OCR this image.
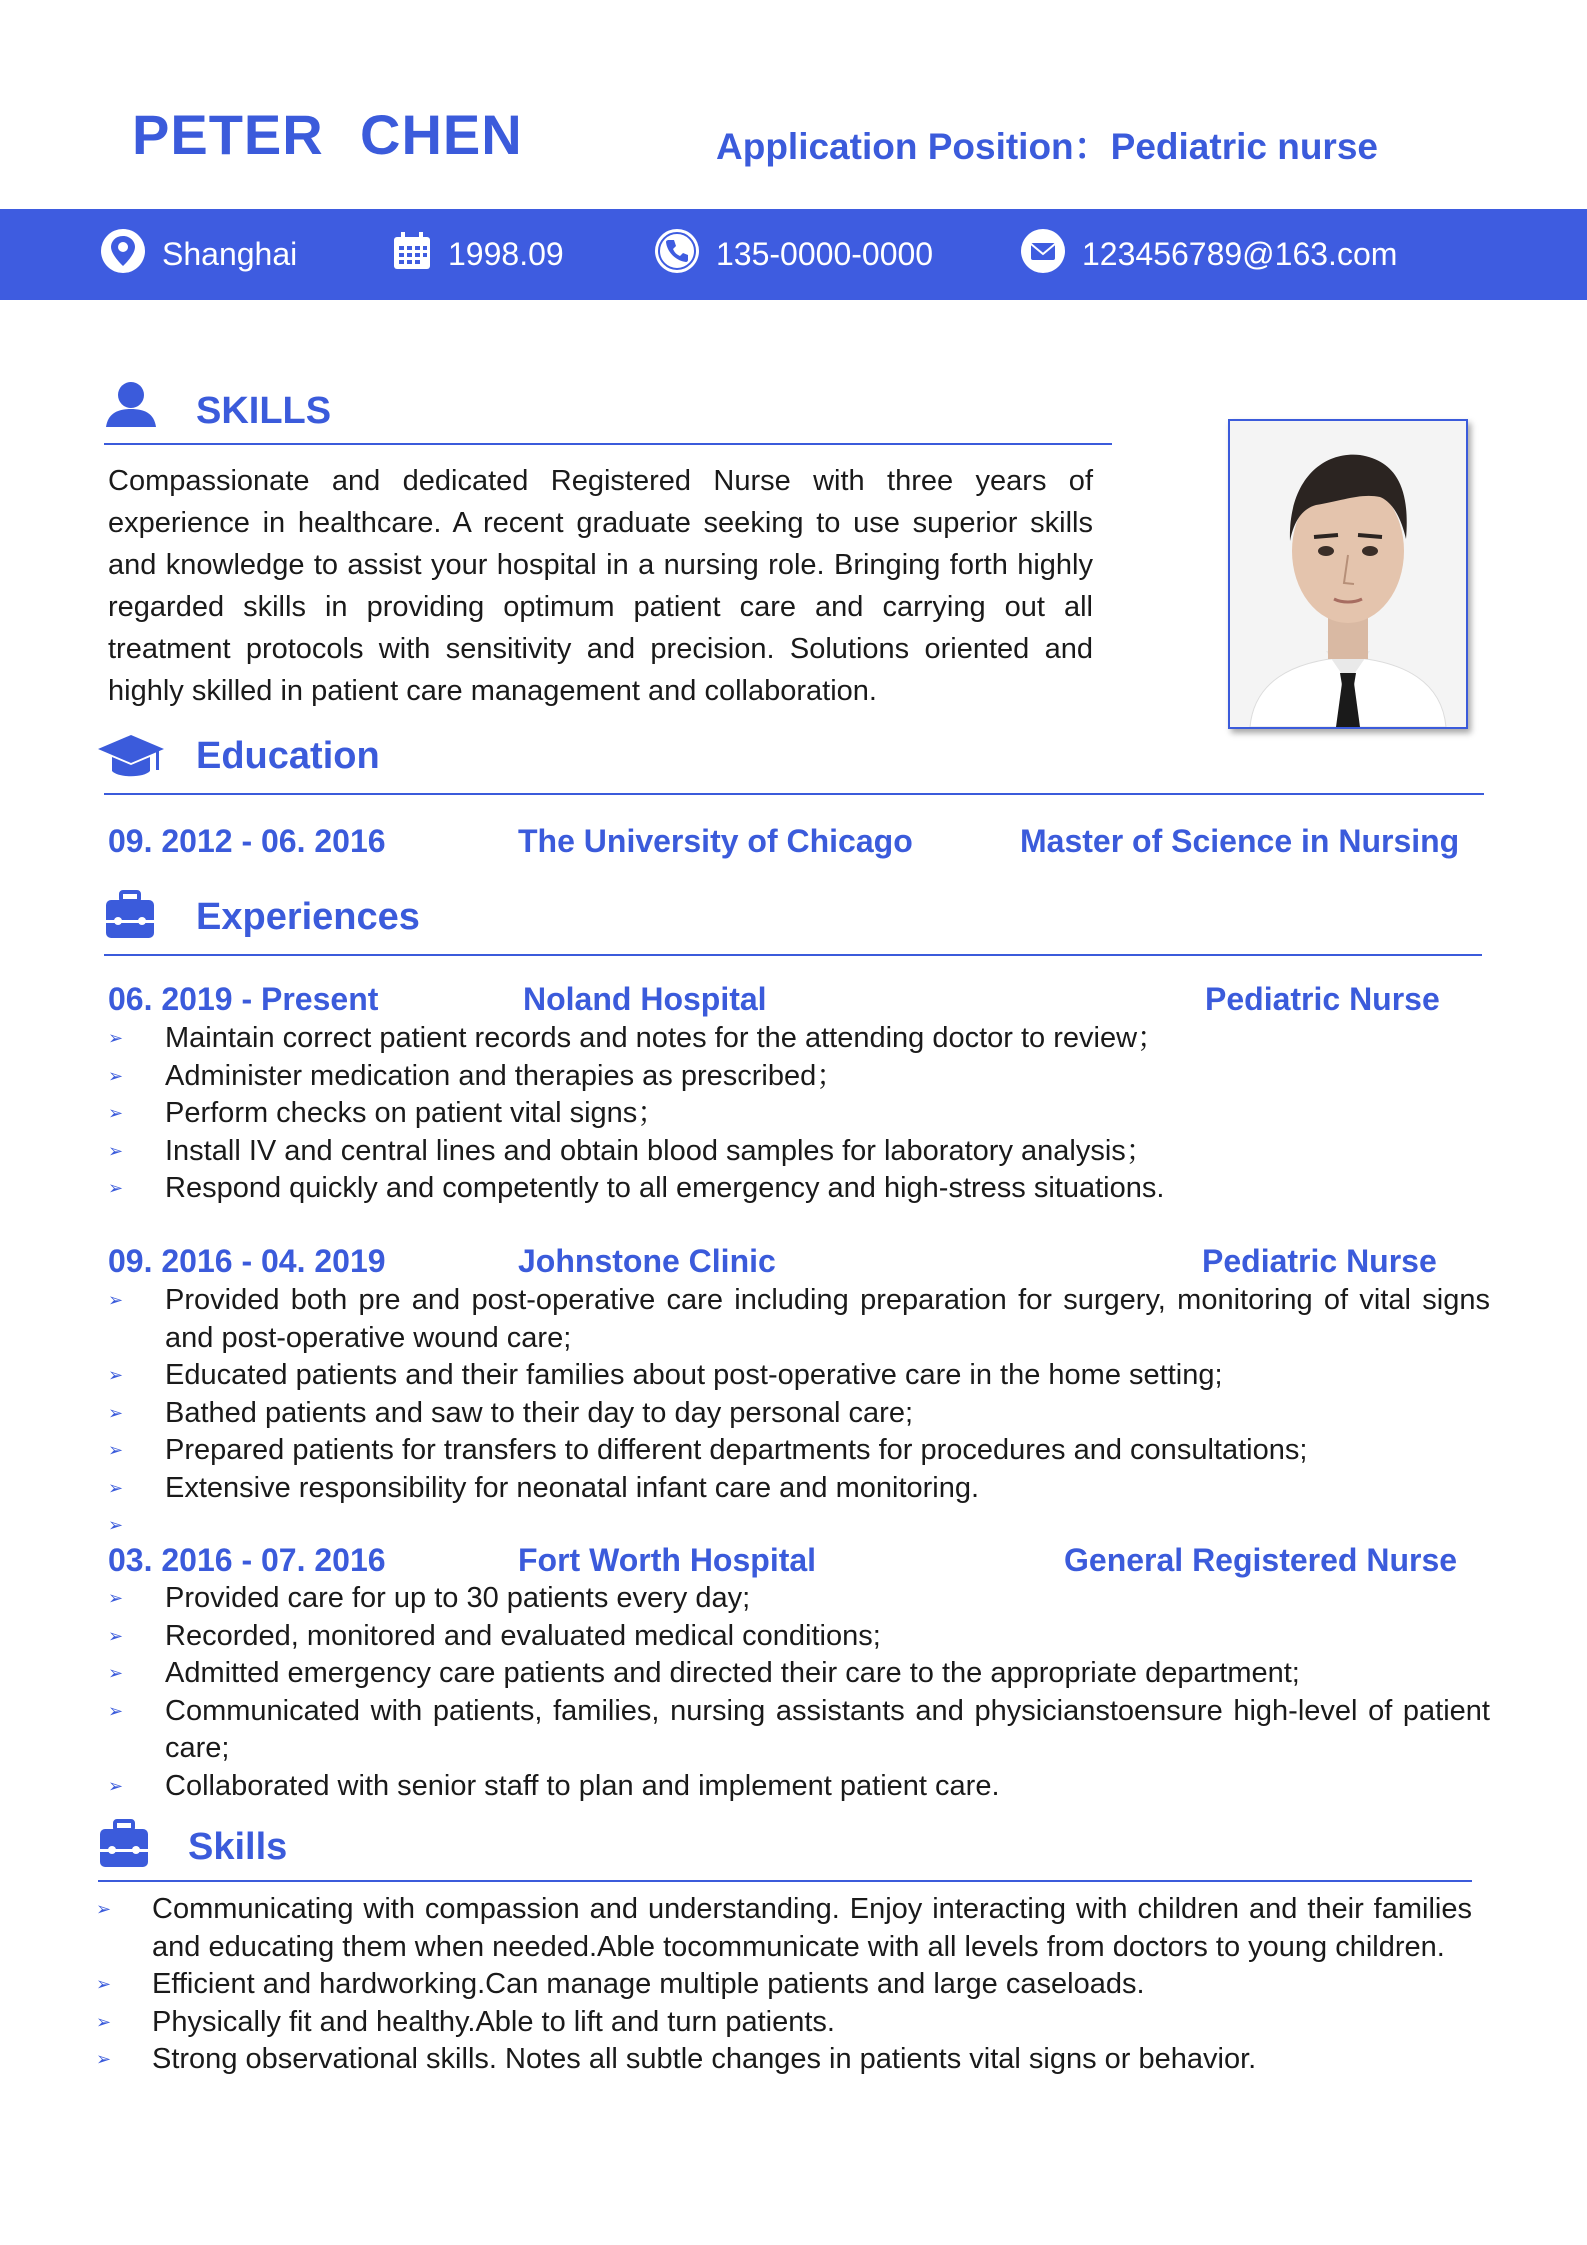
PETER CHEN	Application Position：Pediatric nurse
Shanghai	1998.09	135-0000-0000	123456789@163.com
SKILLS
Compassionate and dedicated Registered Nurse with three years of experience in healthcare. A recent graduate seeking to use superior skills and knowledge to assist your hospital in a nursing role. Bringing forth highly regarded skills in providing optimum patient care and carrying out all treatment protocols with sensitivity and precision. Solutions oriented and highly skilled in patient care management and collaboration.
Education
09. 2012 - 06. 2016	The University of Chicago	Master of Science in Nursing
Experiences
06. 2019 - Present	Noland Hospital	Pediatric Nurse
➢ Maintain correct patient records and notes for the attending doctor to review；
➢ Administer medication and therapies as prescribed；
➢ Perform checks on patient vital signs；
➢ Install IV and central lines and obtain blood samples for laboratory analysis；
➢ Respond quickly and competently to all emergency and high-stress situations.
09. 2016 - 04. 2019	Johnstone Clinic	Pediatric Nurse
➢ Provided both pre and post-operative care including preparation for surgery, monitoring of vital signs and post-operative wound care;
➢ Educated patients and their families about post-operative care in the home setting;
➢ Bathed patients and saw to their day to day personal care;
➢ Prepared patients for transfers to different departments for procedures and consultations;
➢ Extensive responsibility for neonatal infant care and monitoring.
➢
03. 2016 - 07. 2016	Fort Worth Hospital	General Registered Nurse
➢ Provided care for up to 30 patients every day;
➢ Recorded, monitored and evaluated medical conditions;
➢ Admitted emergency care patients and directed their care to the appropriate department;
➢ Communicated with patients, families, nursing assistants and physicianstoensure high-level of patient care;
➢ Collaborated with senior staff to plan and implement patient care.
Skills
➢ Communicating with compassion and understanding. Enjoy interacting with children and their families and educating them when needed.Able tocommunicate with all levels from doctors to young children.
➢ Efficient and hardworking.Can manage multiple patients and large caseloads.
➢ Physically fit and healthy.Able to lift and turn patients.
➢ Strong observational skills. Notes all subtle changes in patients vital signs or behavior.
